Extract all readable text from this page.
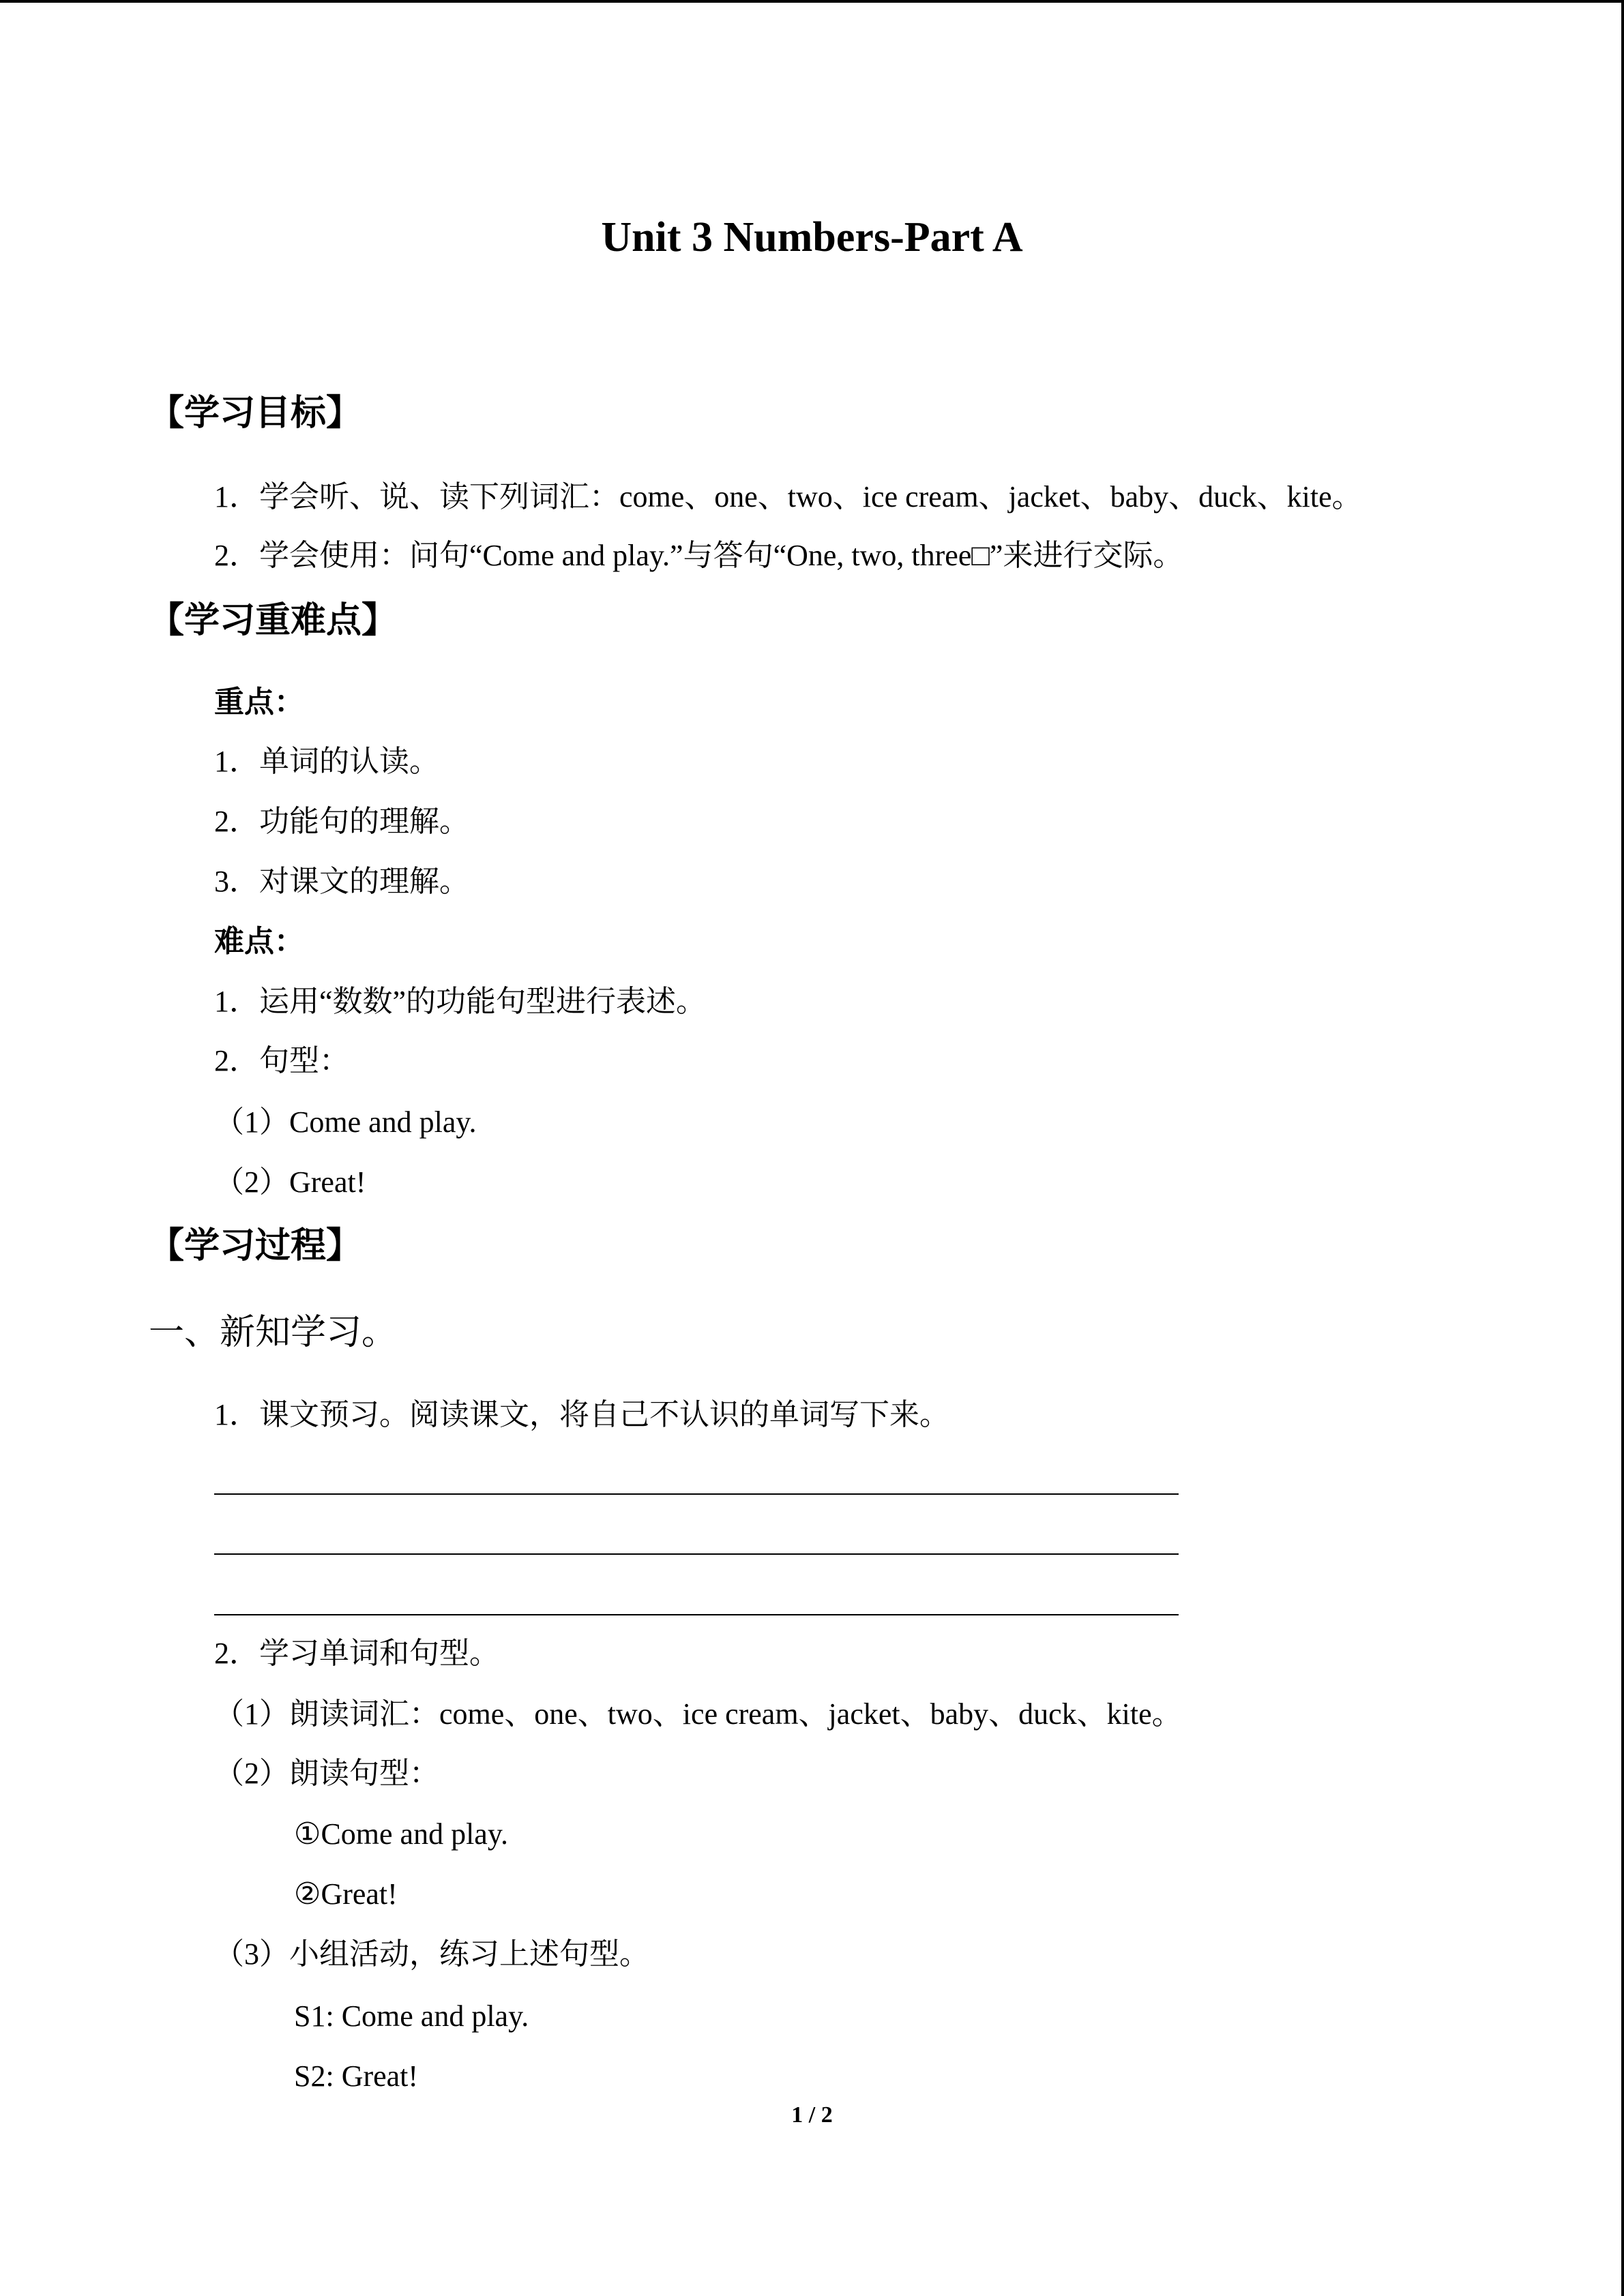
Unit 3 Numbers-Part A
【学习目标】
1．学会听、说、读下列词汇：come、one、two、ice cream、jacket、baby、duck、kite。
2．学会使用：问句“Come and play.”与答句“One, two, three□”来进行交际。
【学习重难点】
重点：
1．单词的认读。
2．功能句的理解。
3．对课文的理解。
难点：
1．运用“数数”的功能句型进行表述。
2．句型：
（1）Come and play.
（2）Great!
【学习过程】
一、新知学习。
1．课文预习。阅读课文，将自己不认识的单词写下来。
2．学习单词和句型。
（1）朗读词汇：come、one、two、ice cream、jacket、baby、duck、kite。
（2）朗读句型：
①Come and play.
②Great!
（3）小组活动，练习上述句型。
S1: Come and play.
S2: Great!
1 / 2
